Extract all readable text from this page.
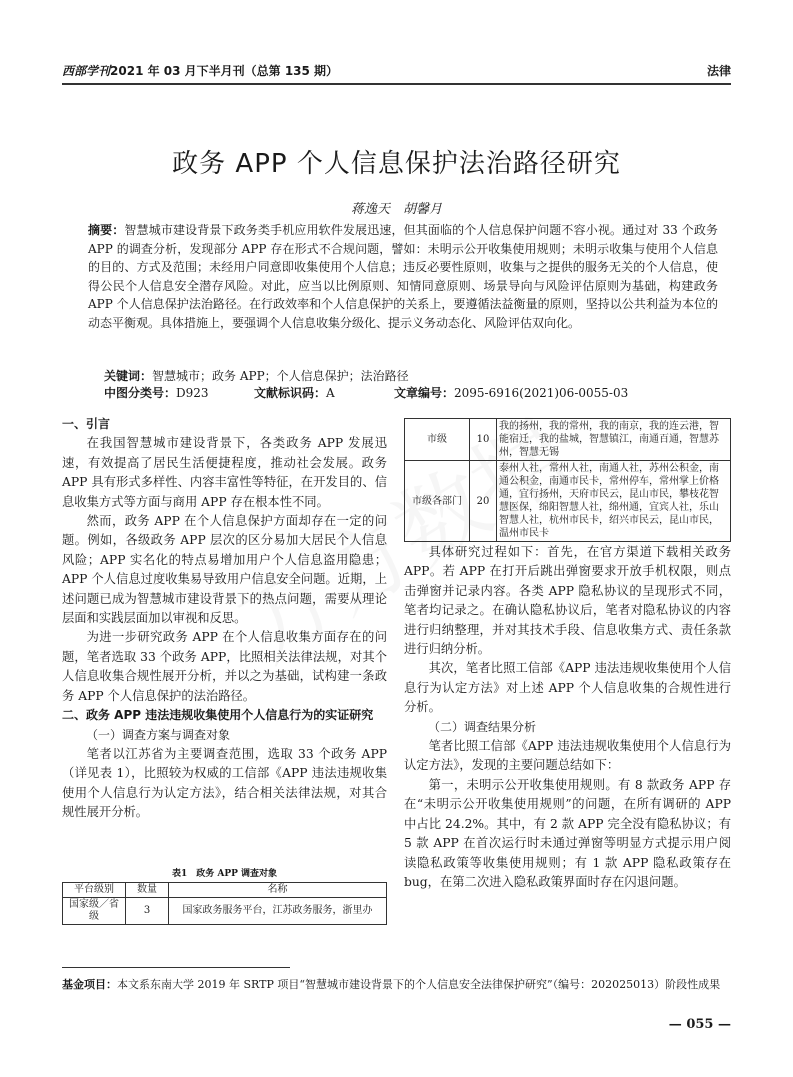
西部学刊2021 年 03 月下半月刊（总第 135 期）	法律
政务 APP 个人信息保护法治路径研究
蒋逸天　胡馨月
摘要：智慧城市建设背景下政务类手机应用软件发展迅速，但其面临的个人信息保护问题不容小视。通过对 33 个政务 APP 的调查分析，发现部分 APP 存在形式不合规问题，譬如：未明示公开收集使用规则；未明示收集与使用个人信息的目的、方式及范围；未经用户同意即收集使用个人信息；违反必要性原则，收集与之提供的服务无关的个人信息，使得公民个人信息安全潜存风险。对此，应当以比例原则、知情同意原则、场景导向与风险评估原则为基础，构建政务 APP 个人信息保护法治路径。在行政效率和个人信息保护的关系上，要遵循法益衡量的原则，坚持以公共利益为本位的动态平衡观。具体措施上，要强调个人信息收集分级化、提示义务动态化、风险评估双向化。
关键词：智慧城市；政务 APP；个人信息保护；法治路径
中图分类号：D923	文献标识码：A	文章编号：2095-6916(2021)06-0055-03

一、引言

在我国智慧城市建设背景下，各类政务 APP 发展迅速，有效提高了居民生活便捷程度，推动社会发展。政务 APP 具有形式多样性、内容丰富性等特征，在开发目的、信息收集方式等方面与商用 APP 存在根本性不同。

然而，政务 APP 在个人信息保护方面却存在一定的问题。例如，各级政务 APP 层次的区分易加大居民个人信息风险；APP 实名化的特点易增加用户个人信息盗用隐患；APP 个人信息过度收集易导致用户信息安全问题。近期，上述问题已成为智慧城市建设背景下的热点问题，需要从理论层面和实践层面加以审视和反思。

为进一步研究政务 APP 在个人信息收集方面存在的问题，笔者选取 33 个政务 APP，比照相关法律法规，对其个人信息收集合规性展开分析，并以之为基础，试构建一条政务 APP 个人信息保护的法治路径。

二、政务 APP 违法违规收集使用个人信息行为的实证研究

（一）调查方案与调查对象

笔者以江苏省为主要调查范围，选取 33 个政务 APP（详见表 1），比照较为权威的工信部《APP 违法违规收集使用个人信息行为认定方法》，结合相关法律法规，对其合规性展开分析。

表1　政务 APP 调查对象
平台级别	数量	名称
国家级／省级	3	国家政务服务平台，江苏政务服务，浙里办
市级	10	我的扬州，我的常州，我的南京，我的连云港，智能宿迁，我的盐城，智慧镇江，南通百通，智慧苏州，智慧无锡
市级各部门	20	泰州人社，常州人社，南通人社，苏州公积金，南通公积金，南通市民卡，常州停车，常州掌上价格通，宜行扬州，天府市民云，昆山市民，攀枝花智慧医保，绵阳智慧人社，绵州通，宜宾人社，乐山智慧人社，杭州市民卡，绍兴市民云，昆山市民，温州市民卡

具体研究过程如下：首先，在官方渠道下载相关政务 APP。若 APP 在打开后跳出弹窗要求开放手机权限，则点击弹窗并记录内容。各类 APP 隐私协议的呈现形式不同，笔者均记录之。在确认隐私协议后，笔者对隐私协议的内容进行归纳整理，并对其技术手段、信息收集方式、责任条款进行归纳分析。

其次，笔者比照工信部《APP 违法违规收集使用个人信息行为认定方法》对上述 APP 个人信息收集的合规性进行分析。

（二）调查结果分析

笔者比照工信部《APP 违法违规收集使用个人信息行为认定方法》，发现的主要问题总结如下：

第一，未明示公开收集使用规则。有 8 款政务 APP 存在“未明示公开收集使用规则”的问题，在所有调研的 APP 中占比 24.2%。其中，有 2 款 APP 完全没有隐私协议；有 5 款 APP 在首次运行时未通过弹窗等明显方式提示用户阅读隐私政策等收集使用规则；有 1 款 APP 隐私政策存在 bug，在第二次进入隐私政策界面时存在闪退问题。

基金项目：本文系东南大学 2019 年 SRTP 项目“智慧城市建设背景下的个人信息安全法律保护研究”（编号：202025013）阶段性成果
— 055 —
